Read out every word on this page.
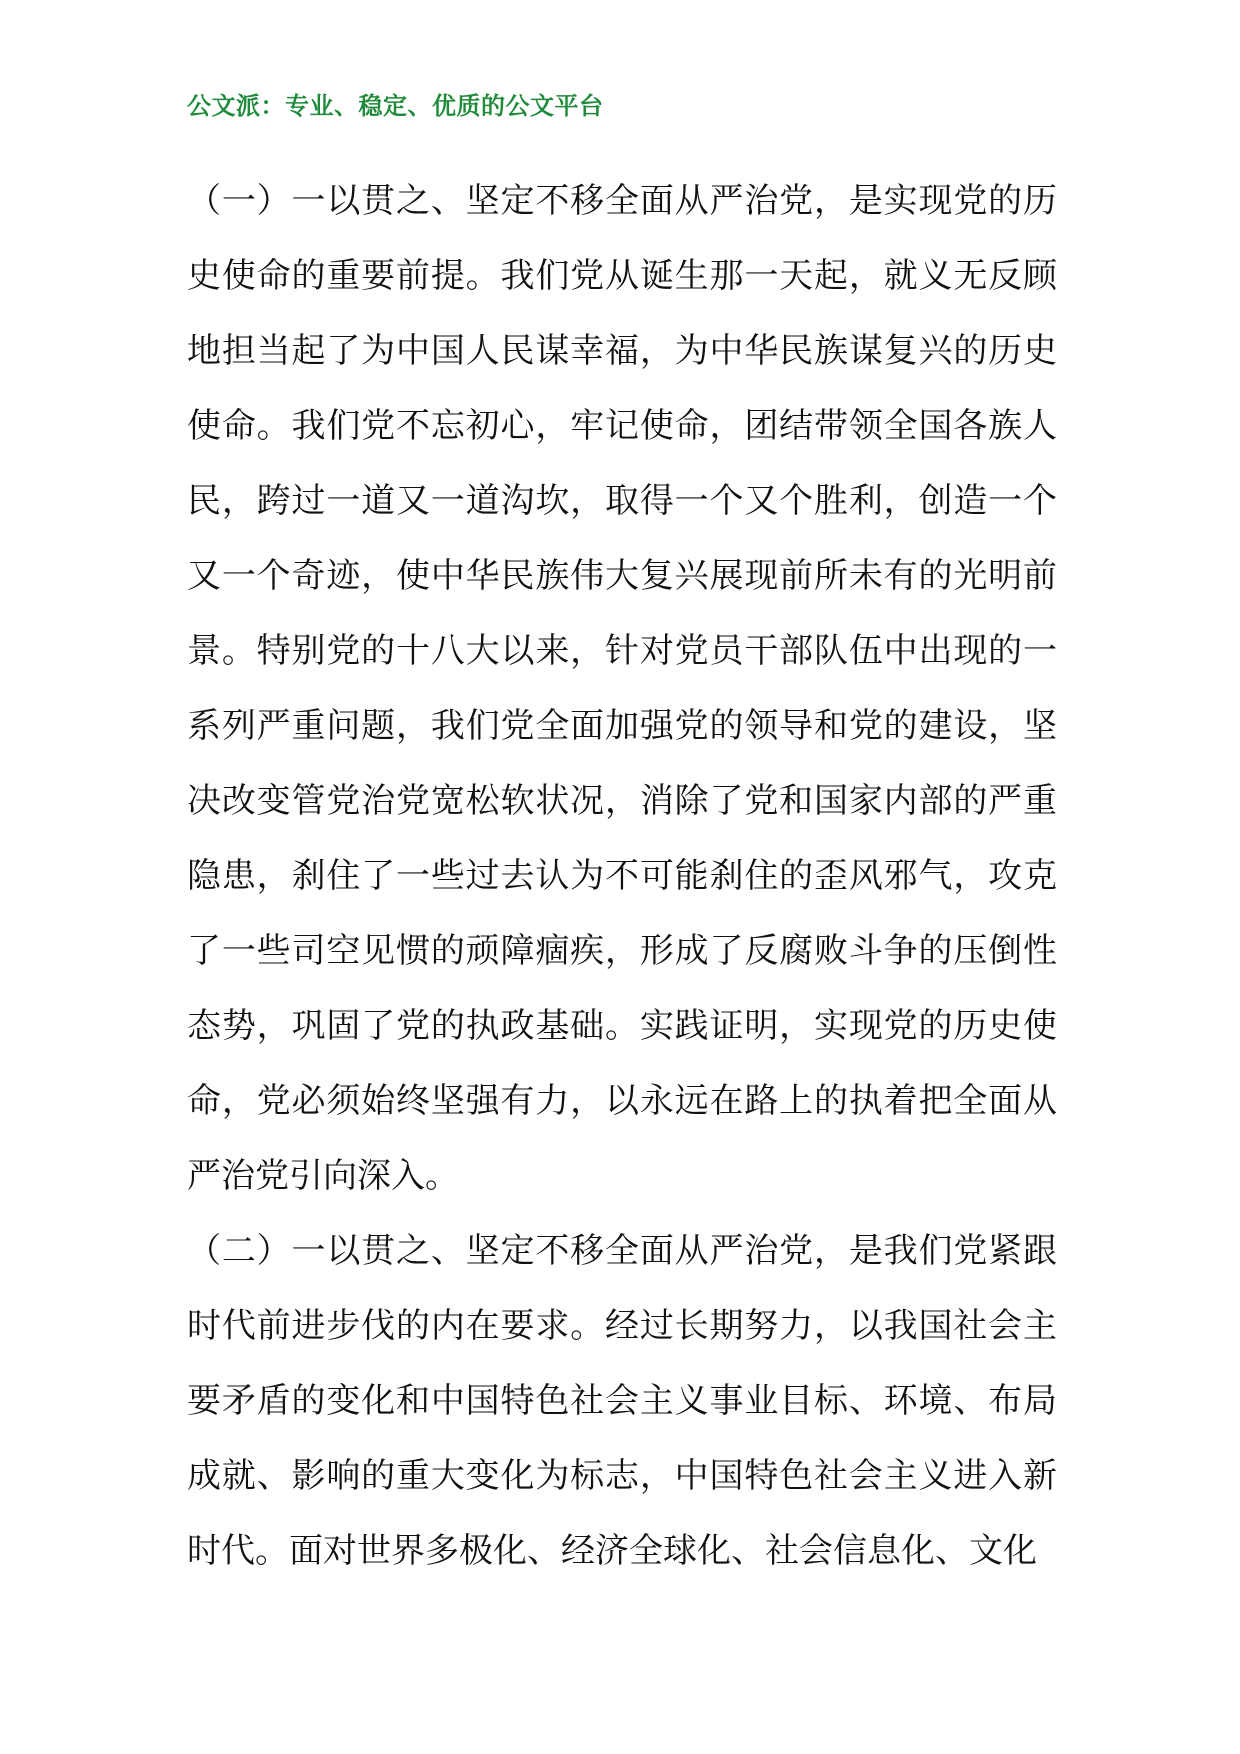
公文派：专业、稳定、优质的公文平台

（一）一以贯之、坚定不移全面从严治党，是实现党的历史使命的重要前提。我们党从诞生那一天起，就义无反顾地担当起了为中国人民谋幸福，为中华民族谋复兴的历史使命。我们党不忘初心，牢记使命，团结带领全国各族人民，跨过一道又一道沟坎，取得一个又个胜利，创造一个又一个奇迹，使中华民族伟大复兴展现前所未有的光明前景。特别党的十八大以来，针对党员干部队伍中出现的一系列严重问题，我们党全面加强党的领导和党的建设，坚决改变管党治党宽松软状况，消除了党和国家内部的严重隐患，刹住了一些过去认为不可能刹住的歪风邪气，攻克了一些司空见惯的顽障痼疾，形成了反腐败斗争的压倒性态势，巩固了党的执政基础。实践证明，实现党的历史使命，党必须始终坚强有力，以永远在路上的执着把全面从严治党引向深入。

（二）一以贯之、坚定不移全面从严治党，是我们党紧跟时代前进步伐的内在要求。经过长期努力，以我国社会主要矛盾的变化和中国特色社会主义事业目标、环境、布局成就、影响的重大变化为标志，中国特色社会主义进入新时代。面对世界多极化、经济全球化、社会信息化、文化
